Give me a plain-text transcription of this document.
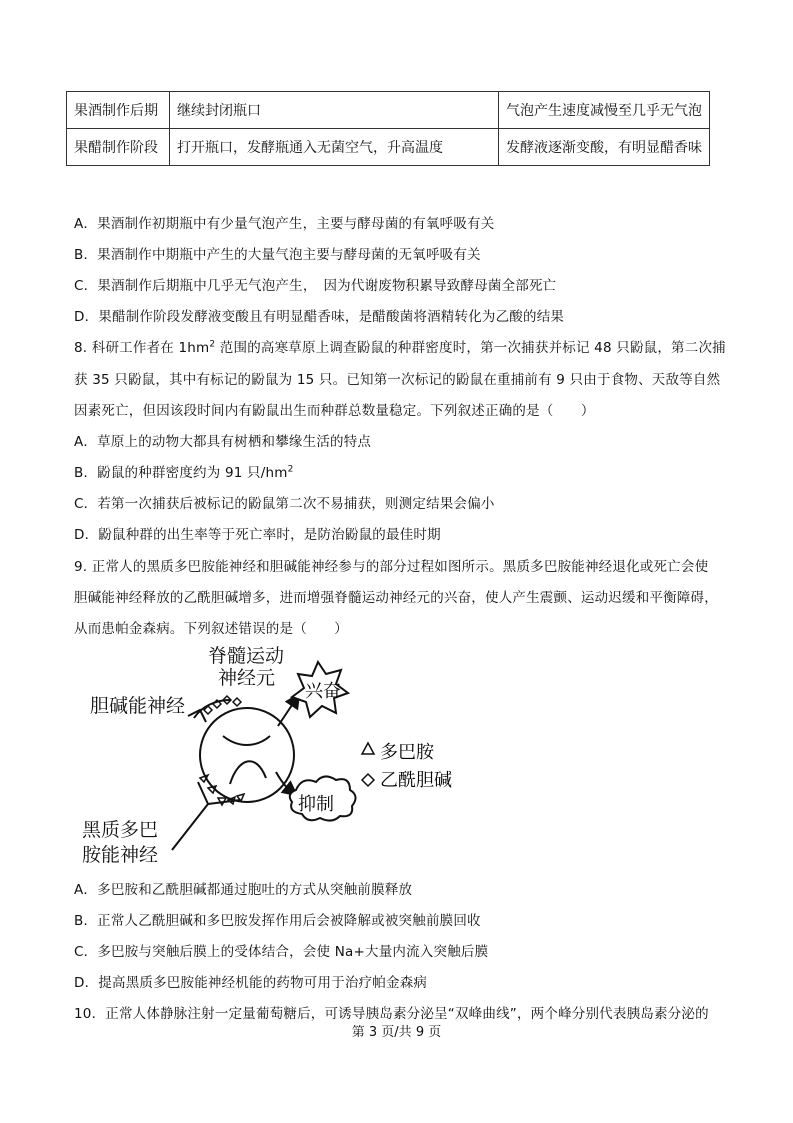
果酒制作后期	继续封闭瓶口	气泡产生速度减慢至几乎无气泡
果醋制作阶段	打开瓶口，发酵瓶通入无菌空气，升高温度	发酵液逐渐变酸，有明显醋香味
A．果酒制作初期瓶中有少量气泡产生，主要与酵母菌的有氧呼吸有关
B．果酒制作中期瓶中产生的大量气泡主要与酵母菌的无氧呼吸有关
C．果酒制作后期瓶中几乎无气泡产生，　因为代谢废物积累导致酵母菌全部死亡
D．果醋制作阶段发酵液变酸且有明显醋香味，是醋酸菌将酒精转化为乙酸的结果
8. 科研工作者在 $1hm^2$ 范围的高寒草原上调查鼢鼠的种群密度时，第一次捕获并标记 48 只鼢鼠，第二次捕
获 35 只鼢鼠，其中有标记的鼢鼠为 15 只。已知第一次标记的鼢鼠在重捕前有 9 只由于食物、天敌等自然
因素死亡，但因该段时间内有鼢鼠出生而种群总数量稳定。下列叙述正确的是（　　）
A．草原上的动物大都具有树栖和攀缘生活的特点
B．鼢鼠的种群密度约为 91 只$/hm^2$
C．若第一次捕获后被标记的鼢鼠第二次不易捕获，则测定结果会偏小
D．鼢鼠种群的出生率等于死亡率时，是防治鼢鼠的最佳时期
9. 正常人的黑质多巴胺能神经和胆碱能神经参与的部分过程如图所示。黑质多巴胺能神经退化或死亡会使
胆碱能神经释放的乙酰胆碱增多，进而增强脊髓运动神经元的兴奋，使人产生震颤、运动迟缓和平衡障碍，
从而患帕金森病。下列叙述错误的是（　　）
脊髓运动
神经元
胆碱能神经
黑质多巴
胺能神经
兴奋
抑制
多巴胺
乙酰胆碱
A．多巴胺和乙酰胆碱都通过胞吐的方式从突触前膜释放
B．正常人乙酰胆碱和多巴胺发挥作用后会被降解或被突触前膜回收
C．多巴胺与突触后膜上的受体结合，会使 Na+大量内流入突触后膜
D．提高黑质多巴胺能神经机能的药物可用于治疗帕金森病
10．正常人体静脉注射一定量葡萄糖后，可诱导胰岛素分泌呈“双峰曲线”，两个峰分别代表胰岛素分泌的
第 3 页/共 9 页
